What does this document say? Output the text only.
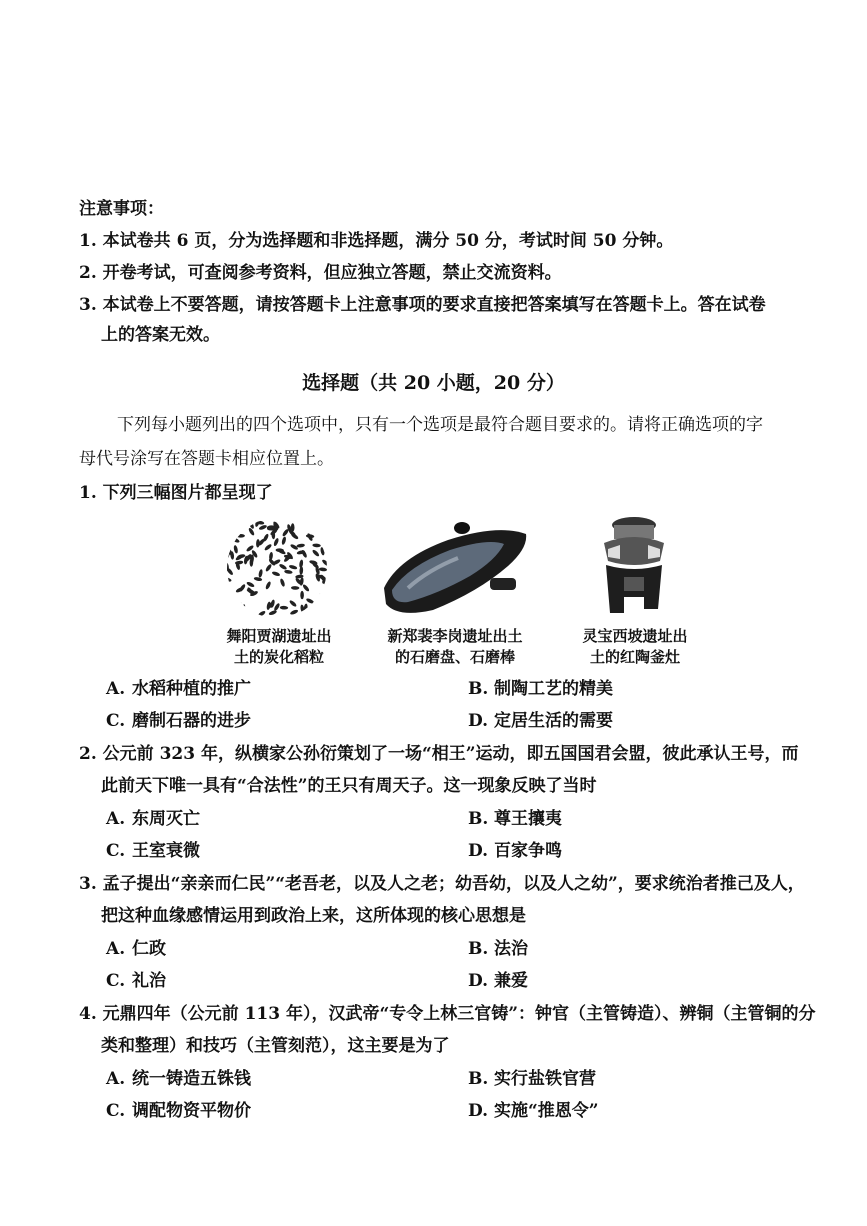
注意事项：
1. 本试卷共 6 页，分为选择题和非选择题，满分 50 分，考试时间 50 分钟。
2. 开卷考试，可查阅参考资料，但应独立答题，禁止交流资料。
3. 本试卷上不要答题，请按答题卡上注意事项的要求直接把答案填写在答题卡上。答在试卷
上的答案无效。
选择题（共 20 小题，20 分）
下列每小题列出的四个选项中，只有一个选项是最符合题目要求的。请将正确选项的字
母代号涂写在答题卡相应位置上。
1. 下列三幅图片都呈现了
舞阳贾湖遗址出
土的炭化稻粒
新郑裴李岗遗址出土
的石磨盘、石磨棒
灵宝西坡遗址出
土的红陶釜灶
A. 水稻种植的推广	B. 制陶工艺的精美
C. 磨制石器的进步	D. 定居生活的需要
2. 公元前 323 年，纵横家公孙衍策划了一场“相王”运动，即五国国君会盟，彼此承认王号，而
此前天下唯一具有“合法性”的王只有周天子。这一现象反映了当时
A. 东周灭亡	B. 尊王攘夷
C. 王室衰微	D. 百家争鸣
3. 孟子提出“亲亲而仁民”“老吾老，以及人之老；幼吾幼，以及人之幼”，要求统治者推己及人，
把这种血缘感情运用到政治上来，这所体现的核心思想是
A. 仁政	B. 法治
C. 礼治	D. 兼爱
4. 元鼎四年（公元前 113 年），汉武帝“专令上林三官铸”：钟官（主管铸造）、辨铜（主管铜的分
类和整理）和技巧（主管刻范），这主要是为了
A. 统一铸造五铢钱	B. 实行盐铁官营
C. 调配物资平物价	D. 实施“推恩令”
